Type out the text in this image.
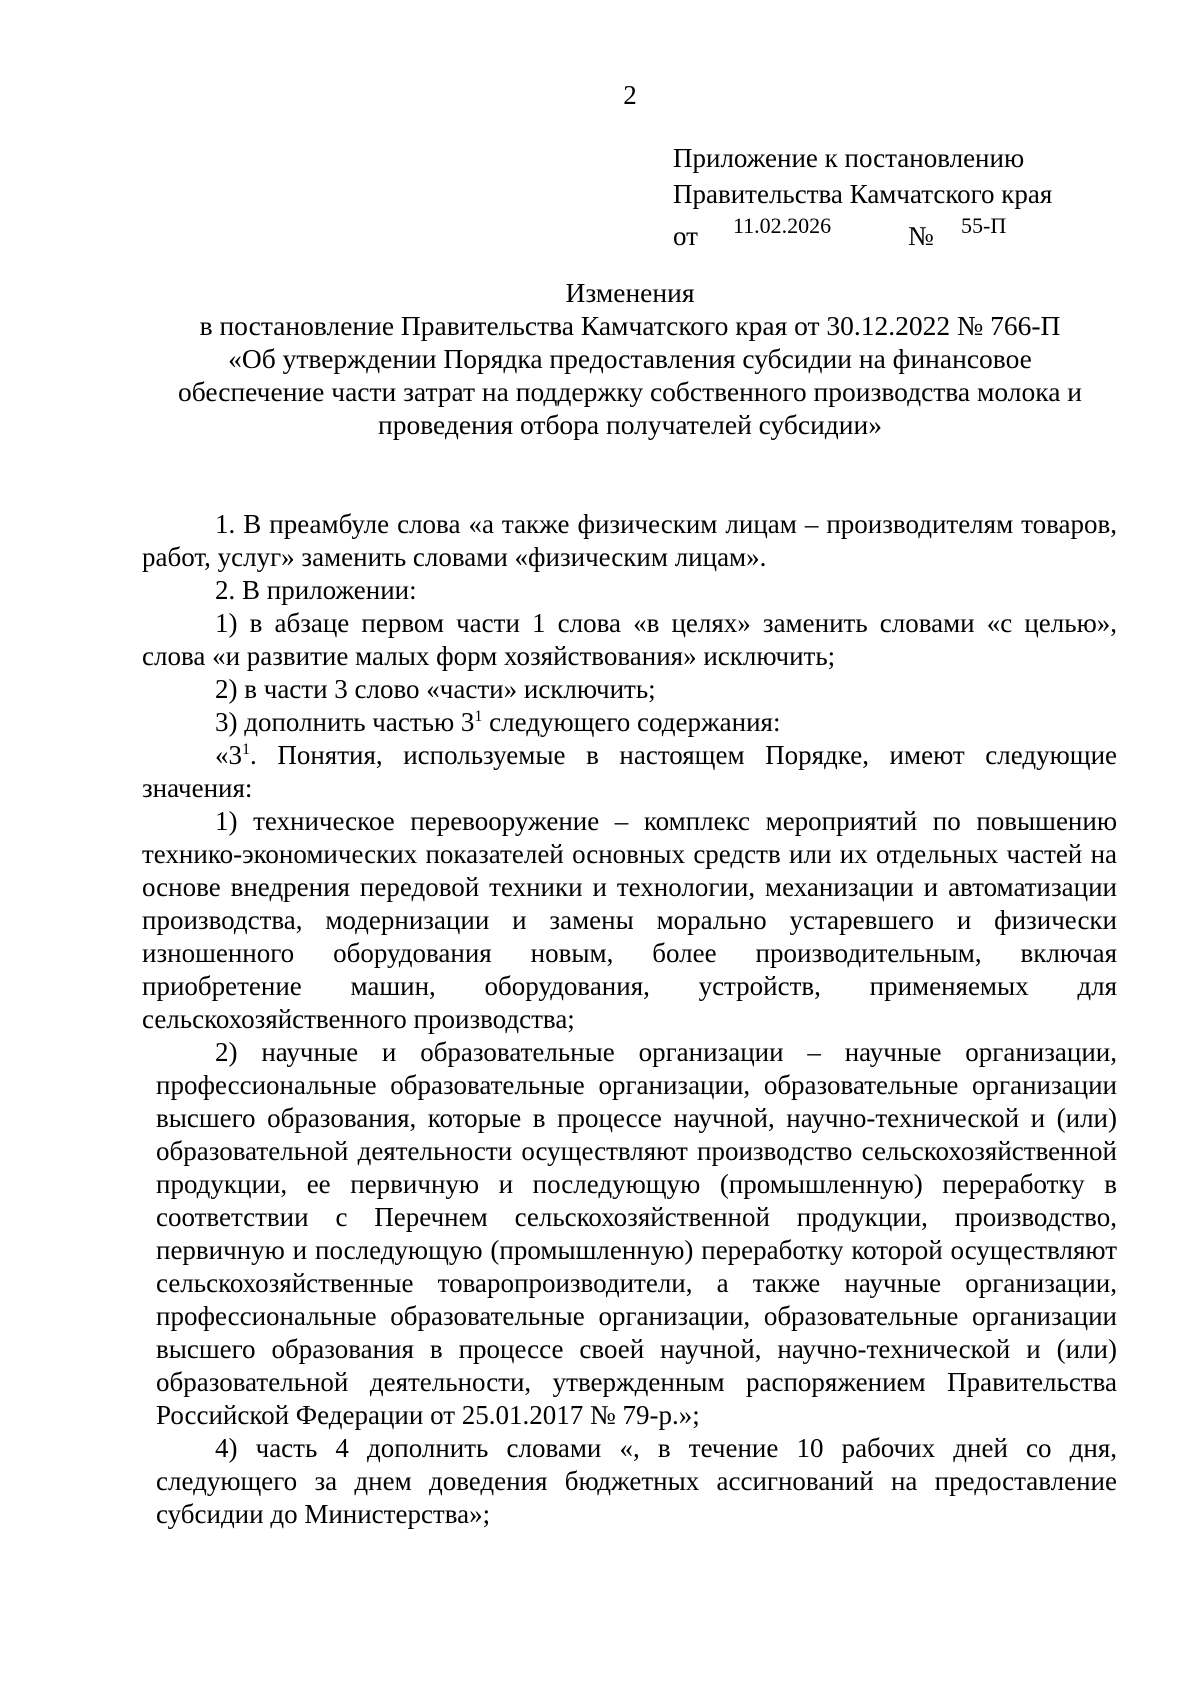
2
Приложение к постановлению
Правительства Камчатского края
от 11.02.2026	№ 55-П
Изменения
в постановление Правительства Камчатского края от 30.12.2022 № 766-П
«Об утверждении Порядка предоставления субсидии на финансовое
обеспечение части затрат на поддержку собственного производства молока и
проведения отбора получателей субсидии»

1. В преамбуле слова «а также физическим лицам – производителям товаров, работ, услуг» заменить словами «физическим лицам».

2. В приложении:

1) в абзаце первом части 1 слова «в целях» заменить словами «с целью», слова «и развитие малых форм хозяйствования» исключить;

2) в части 3 слово «части» исключить;

3) дополнить частью $3^1$ следующего содержания:

«$3^1$. Понятия, используемые в настоящем Порядке, имеют следующие значения:

1) техническое перевооружение – комплекс мероприятий по повышению технико-экономических показателей основных средств или их отдельных частей на основе внедрения передовой техники и технологии, механизации и автоматизации производства, модернизации и замены морально устаревшего и физически изношенного оборудования новым, более производительным, включая приобретение машин, оборудования, устройств, применяемых для сельскохозяйственного производства;

2) научные и образовательные организации – научные организации,

профессиональные образовательные организации, образовательные организации высшего образования, которые в процессе научной, научно-технической и (или) образовательной деятельности осуществляют производство сельскохозяйственной продукции, ее первичную и последующую (промышленную) переработку в соответствии с Перечнем сельскохозяйственной продукции, производство, первичную и последующую (промышленную) переработку которой осуществляют сельскохозяйственные товаропроизводители, а также научные организации, профессиональные образовательные организации, образовательные организации высшего образования в процессе своей научной, научно-технической и (или) образовательной деятельности, утвержденным распоряжением Правительства Российской Федерации от 25.01.2017 № 79-р.»;

4) часть 4 дополнить словами «, в течение 10 рабочих дней со дня,

следующего за днем доведения бюджетных ассигнований на предоставление субсидии до Министерства»;
